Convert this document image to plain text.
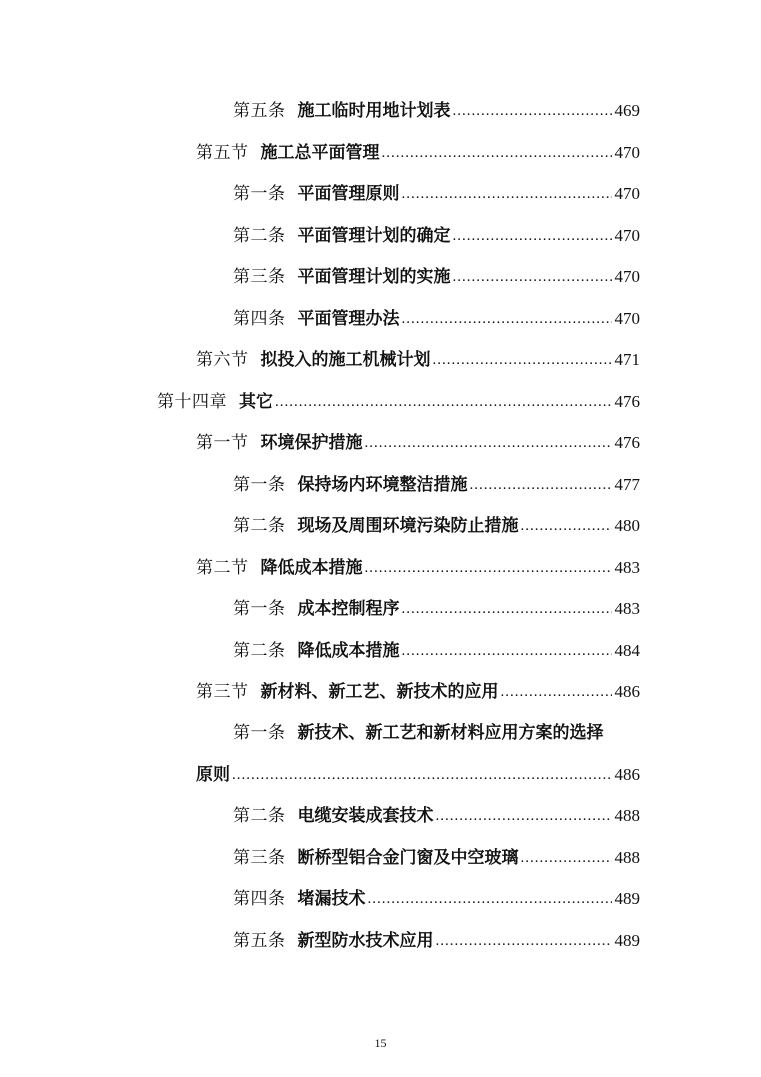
第五条 施工临时用地计划表 .....	469
第五节 施工总平面管理 .....	470
第一条 平面管理原则 .....	470
第二条 平面管理计划的确定 .....	470
第三条 平面管理计划的实施 .....	470
第四条 平面管理办法 .....	470
第六节 拟投入的施工机械计划 .....	471
第十四章 其它 .....	476
第一节 环境保护措施 .....	476
第一条 保持场内环境整洁措施 .....	477
第二条 现场及周围环境污染防止措施 .....	480
第二节 降低成本措施 .....	483
第一条 成本控制程序 .....	483
第二条 降低成本措施 .....	484
第三节 新材料、新工艺、新技术的应用 .....	486
第一条 新技术、新工艺和新材料应用方案的选择
原则 .....	486
第二条 电缆安装成套技术 .....	488
第三条 断桥型铝合金门窗及中空玻璃 .....	488
第四条 堵漏技术 .....	489
第五条 新型防水技术应用 .....	489
15
